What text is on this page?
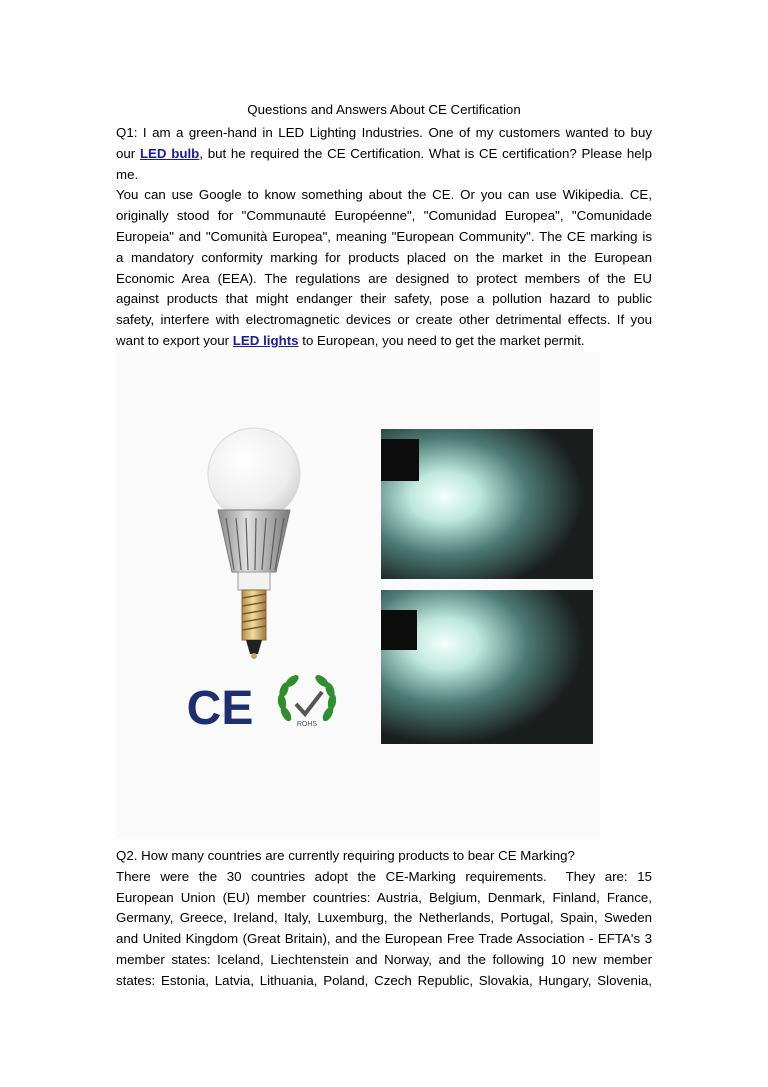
Questions and Answers About CE Certification
Q1: I am a green-hand in LED Lighting Industries. One of my customers wanted to buy
our LED bulb, but he required the CE Certification. What is CE certification? Please help
me.
You can use Google to know something about the CE. Or you can use Wikipedia. CE,
originally stood for "Communauté Européenne", "Comunidad Europea", "Comunidade
Europeia" and "Comunità Europea", meaning "European Community". The CE marking is
a mandatory conformity marking for products placed on the market in the European
Economic Area (EEA). The regulations are designed to protect members of the EU
against products that might endanger their safety, pose a pollution hazard to public
safety, interfere with electromagnetic devices or create other detrimental effects. If you
want to export your LED lights to European, you need to get the market permit.
CE	ROHS
Q2. How many countries are currently requiring products to bear CE Marking?
There were the 30 countries adopt the CE-Marking requirements.  They are: 15
European Union (EU) member countries: Austria, Belgium, Denmark, Finland, France,
Germany, Greece, Ireland, Italy, Luxemburg, the Netherlands, Portugal, Spain, Sweden
and United Kingdom (Great Britain), and the European Free Trade Association - EFTA's 3
member states: Iceland, Liechtenstein and Norway, and the following 10 new member
states: Estonia, Latvia, Lithuania, Poland, Czech Republic, Slovakia, Hungary, Slovenia,
